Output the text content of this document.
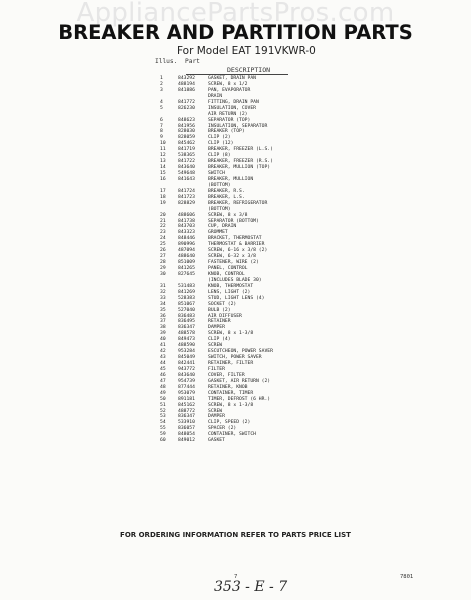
AppliancePartsPros.com
BREAKER AND PARTITION PARTS
For Model EAT 191VKWR-0
Illus. Part
DESCRIPTION
1	843292	GASKET, DRAIN PAN
2	488194	SCREW, 8 x 1/2
3	841886	PAN, EVAPORATOR
DRAIN
4	841772	FITTING, DRAIN PAN
5	826230	INSULATION, COVER
AIR RETURN (2)
6	848623	SEPARATOR (TOP)
7	841956	INSULATION, SEPARATOR
8	828030	BREAKER (TOP)
9	828059	CLIP (2)
10	845462	CLIP (12)
11	841719	BREAKER, FREEZER (L.S.)
12	538365	CLIP (8)
13	841722	BREAKER, FREEZER (R.S.)
14	843640	BREAKER, MULLION (TOP)
15	549648	SWITCH
16	841643	BREAKER, MULLION
(BOTTOM)
17	841724	BREAKER, R.S.
18	841723	BREAKER, L.S.
19	828829	BREAKER, REFRIGERATOR
(BOTTOM)
20	488606	SCREW, 8 x 3/8
21	841738	SEPARATOR (BOTTOM)
22	843703	CUP, DRAIN
23	843323	GROMMET
24	848446	BRACKET, THERMOSTAT
25	890996	THERMOSTAT & BARRIER
26	487094	SCREW, 6-16 x 3/8 (2)
27	488640	SCREW, 6-32 x 3/8
28	851009	FASTENER, WIRE (2)
29	841265	PANEL, CONTROL
30	827645	KNOB, CONTROL
(INCLUDES BLADE 30)
31	531483	KNOB, THERMOSTAT
32	841269	LENS, LIGHT (2)
33	528383	STUD, LIGHT LENS (4)
34	851067	SOCKET (2)
35	527040	BULB (2)
36	836483	AIR DIFFUSER
37	836495	RETAINER
38	836347	DAMPER
39	488578	SCREW, 8 x 1-3/8
40	849473	CLIP (4)
41	488590	SCREW
42	953284	ESCUTCHEON, POWER SAVER
43	845049	SWITCH, POWER SAVER
44	842441	RETAINER, FILTER
45	943772	FILTER
46	843640	COVER, FILTER
47	954739	GASKET, AIR RETURN (2)
48	877444	RETAINER, KNOB
49	953079	CONTAINER, TIMER
50	891181	TIMER, DEFROST (6 HR.)
51	845162	SCREW, 8 x 1-3/8
52	488772	SCREW
53	836347	DAMPER
54	533910	CLIP, SPEED (2)
55	836057	SPACER (2)
59	848054	CONTAINER, SWITCH
60	849012	GASKET
FOR ORDERING INFORMATION REFER TO PARTS PRICE LIST
7
353 - E - 7
7801
